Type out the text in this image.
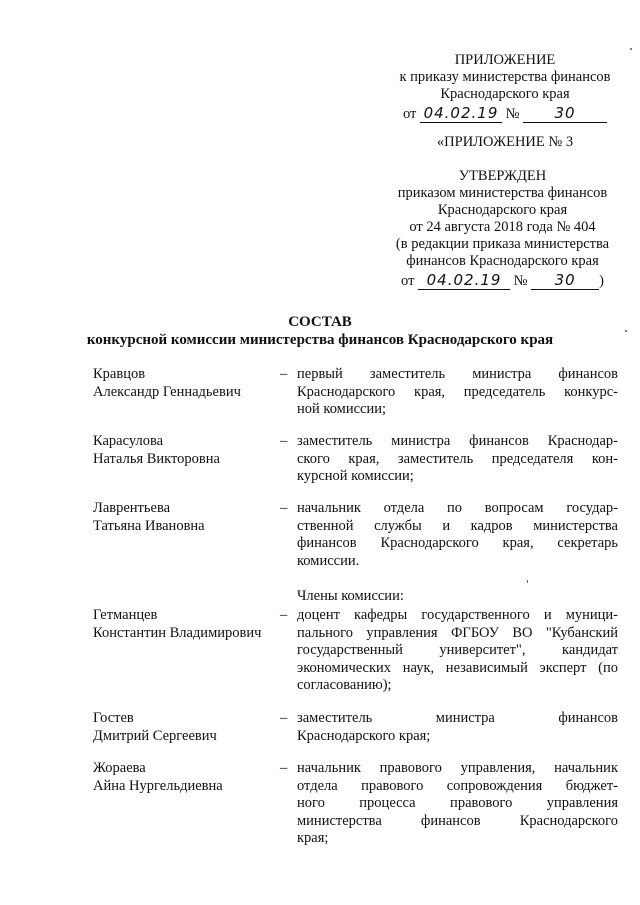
ПРИЛОЖЕНИЕ
к приказу министерства финансов
Краснодарского края
от 04.02.19 № 30
«ПРИЛОЖЕНИЕ № 3
УТВЕРЖДЕН
приказом министерства финансов
Краснодарского края
от 24 августа 2018 года № 404
(в редакции приказа министерства
финансов Краснодарского края
от 04.02.19 № 30 )
СОСТАВ
конкурсной комиссии министерства финансов Краснодарского края
Кравцов
Александр Геннадьевич
– первый заместитель министра финансов
Краснодарского края, председатель конкурс-
ной комиссии;
Карасулова
Наталья Викторовна
– заместитель министра финансов Краснодар-
ского края, заместитель председателя кон-
курсной комиссии;
Лаврентьева
Татьяна Ивановна
– начальник отдела по вопросам государ-
ственной службы и кадров министерства
финансов Краснодарского края, секретарь
комиссии.
Члены комиссии:
Гетманцев
Константин Владимирович
– доцент кафедры государственного и муници-
пального управления ФГБОУ ВО "Кубанский
государственный университет", кандидат
экономических наук, независимый эксперт (по
согласованию);
Гостев
Дмитрий Сергеевич
– заместитель министра финансов
Краснодарского края;
Жораева
Айна Нургельдиевна
– начальник правового управления, начальник
отдела правового сопровождения бюджет-
ного процесса правового управления
министерства финансов Краснодарского
края;
